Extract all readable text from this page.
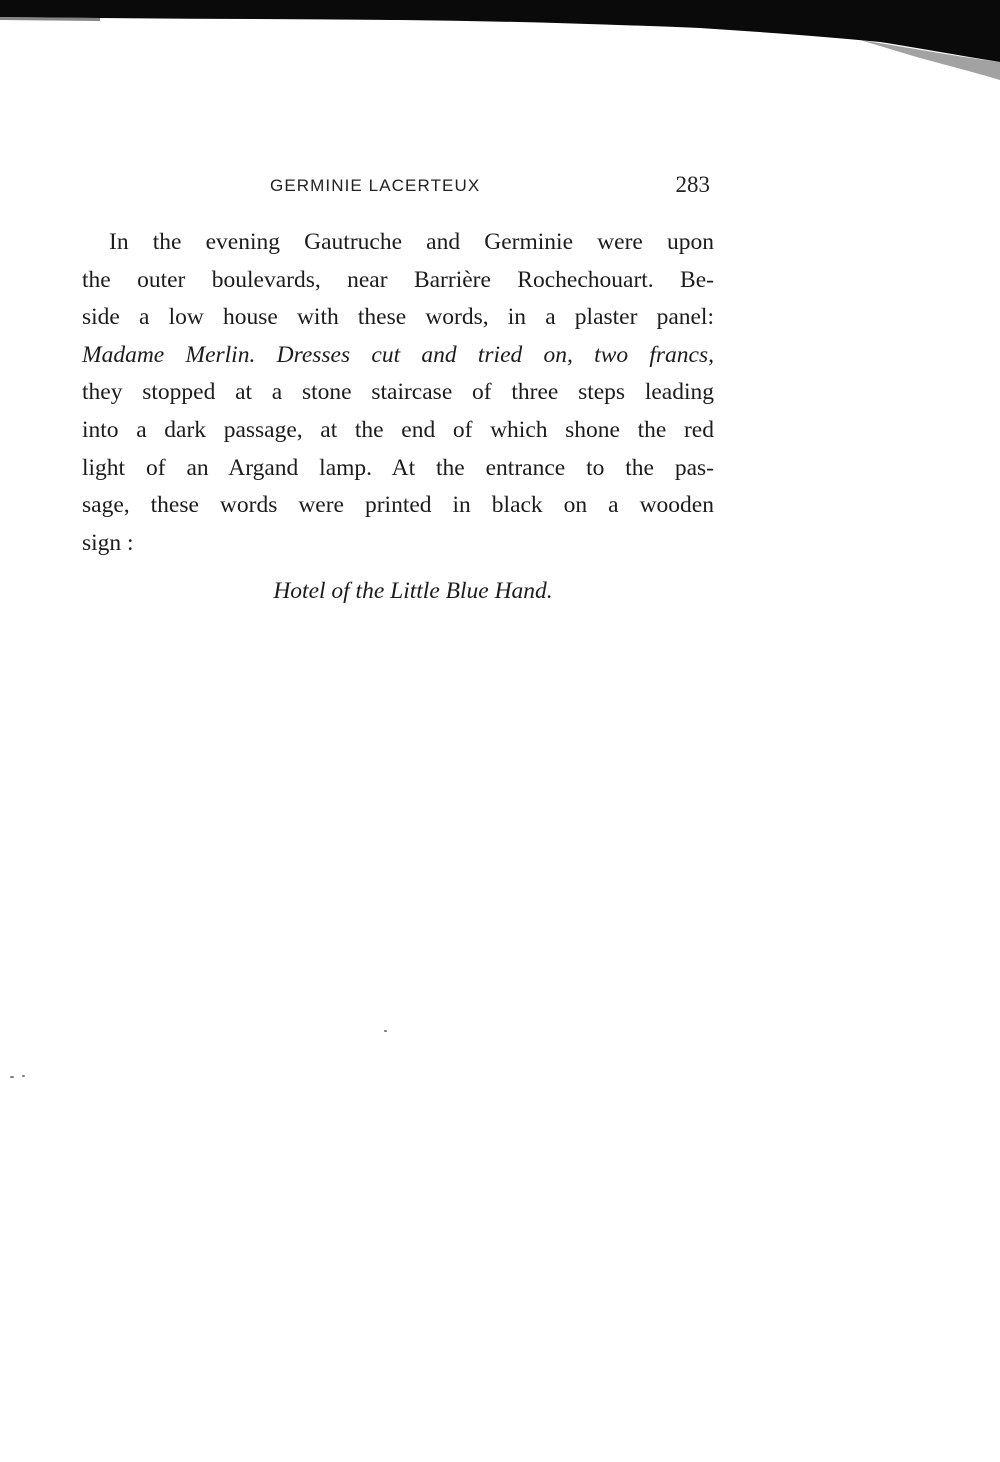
GERMINIE LACERTEUX	283
In the evening Gautruche and Germinie were upon
the outer boulevards, near Barrière Rochechouart. Be-
side a low house with these words, in a plaster panel:
Madame Merlin. Dresses cut and tried on, two francs,
they stopped at a stone staircase of three steps leading
into a dark passage, at the end of which shone the red
light of an Argand lamp. At the entrance to the pas-
sage, these words were printed in black on a wooden
sign :
Hotel of the Little Blue Hand.
